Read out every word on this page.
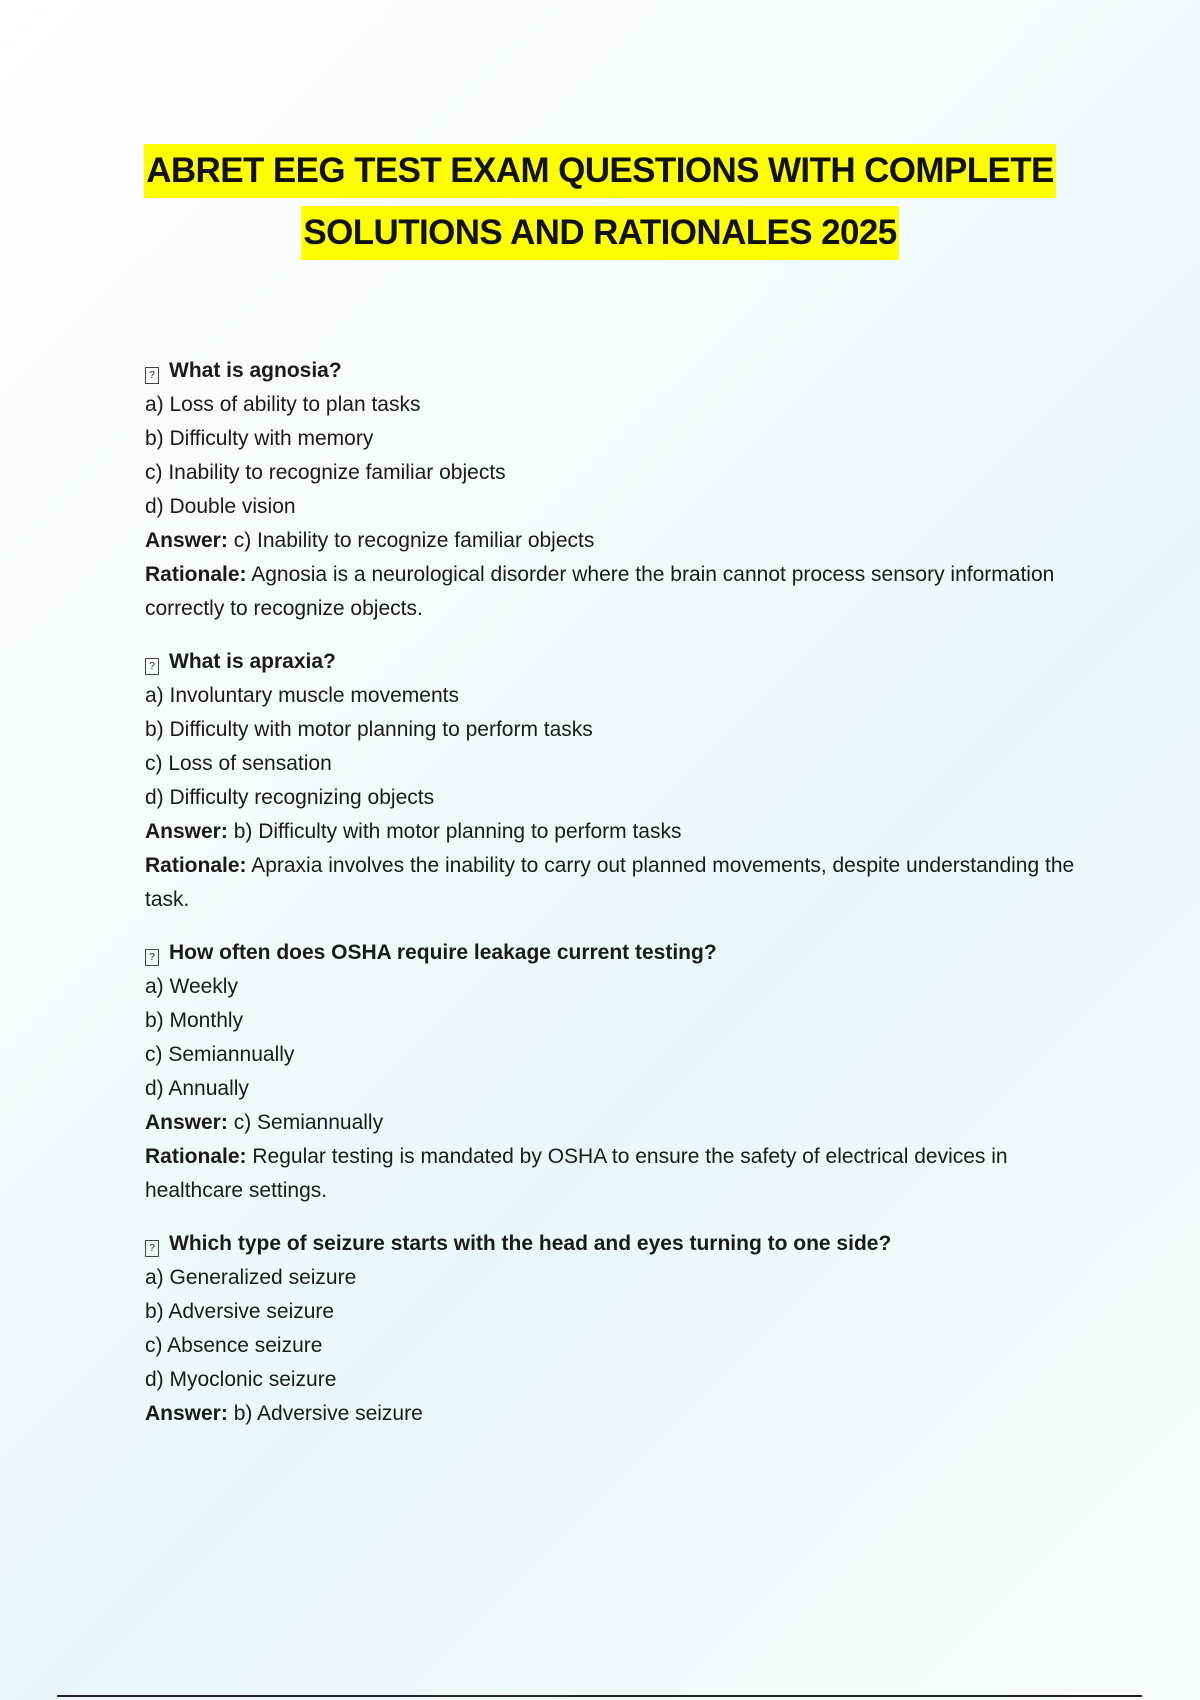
ABRET EEG TEST EXAM QUESTIONS WITH COMPLETE
SOLUTIONS AND RATIONALES 2025
? What is agnosia?
a) Loss of ability to plan tasks
b) Difficulty with memory
c) Inability to recognize familiar objects
d) Double vision
Answer: c) Inability to recognize familiar objects
Rationale: Agnosia is a neurological disorder where the brain cannot process sensory information correctly to recognize objects.
? What is apraxia?
a) Involuntary muscle movements
b) Difficulty with motor planning to perform tasks
c) Loss of sensation
d) Difficulty recognizing objects
Answer: b) Difficulty with motor planning to perform tasks
Rationale: Apraxia involves the inability to carry out planned movements, despite understanding the task.
? How often does OSHA require leakage current testing?
a) Weekly
b) Monthly
c) Semiannually
d) Annually
Answer: c) Semiannually
Rationale: Regular testing is mandated by OSHA to ensure the safety of electrical devices in healthcare settings.
? Which type of seizure starts with the head and eyes turning to one side?
a) Generalized seizure
b) Adversive seizure
c) Absence seizure
d) Myoclonic seizure
Answer: b) Adversive seizure
